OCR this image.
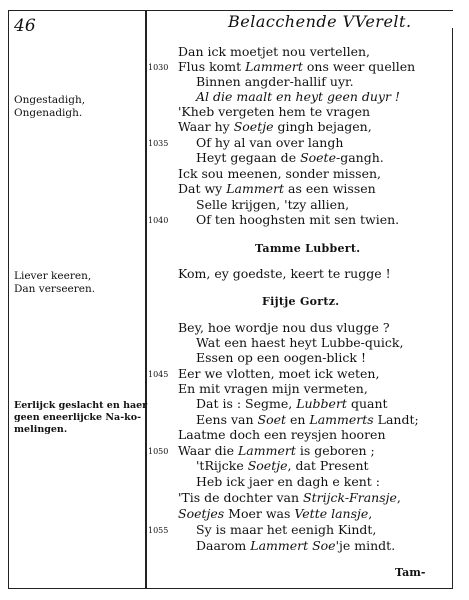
46	Belacchende VVerelt.
Ongestadigh,
Ongenadigh.
Liever keeren,
Dan verseeren.
Eerlijck geslacht en haer
geen eneerlijcke Na-ko-
melingen.
Tamme Lubbert.
Fijtje Gortz.
Dan ick moetjet nou vertellen,
Flus komt Lammert ons weer quellen
1030
Binnen angder-hallif uyr.
Al die maalt en heyt geen duyr !
'Kheb vergeten hem te vragen
Waar hy Soetje gingh bejagen,
Of hy al van over langh
1035
Heyt gegaan de Soete-gangh.
Ick sou meenen, sonder missen,
Dat wy Lammert as een wissen
Selle krijgen, 'tzy allien,
Of ten hooghsten mit sen twien.
1040
Kom, ey goedste, keert te rugge !
Bey, hoe wordje nou dus vlugge ?
Wat een haest heyt Lubbe-quick,
Essen op een oogen-blick !
Eer we vlotten, moet ick weten,
1045
En mit vragen mijn vermeten,
Dat is : Segme, Lubbert quant
Eens van Soet en Lammerts Landt;
Laatme doch een reysjen hooren
Waar die Lammert is geboren ;
1050
'tRijcke Soetje, dat Present
Heb ick jaer en dagh e kent :
'Tis de dochter van Strijck-Fransje,
Soetjes Moer was Vette lansje,
Sy is maar het eenigh Kindt,
1055
Daarom Lammert Soe'je mindt.
Tam-
